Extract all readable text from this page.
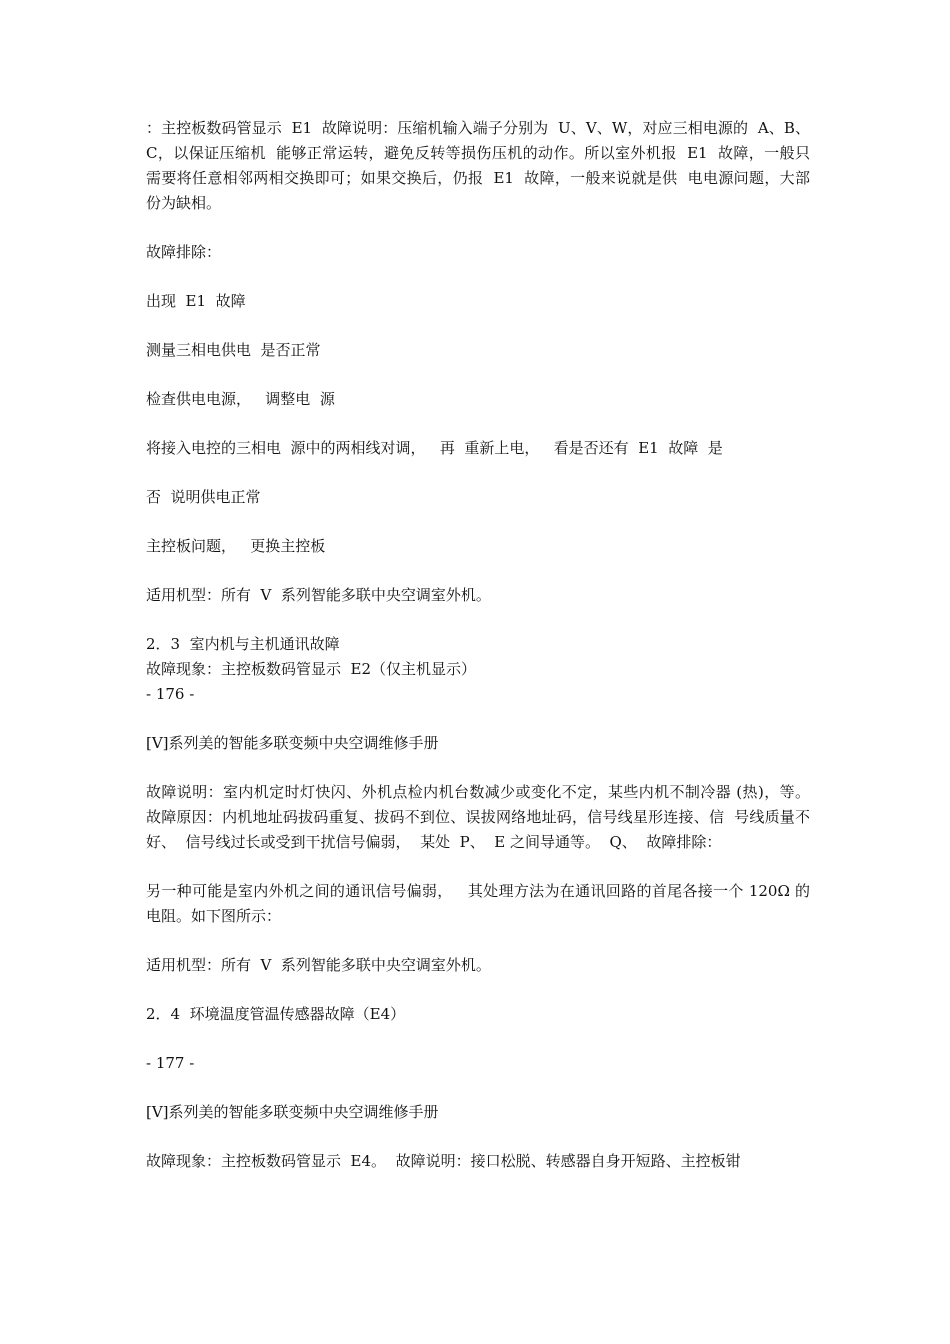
：主控板数码管显示  E1  故障说明：压缩机输入端子分别为  U、V、W，对应三相电源的  A、B、C，以保证压缩机  能够正常运转，避免反转等损伤压机的动作。所以室外机报  E1  故障，一般只  需要将任意相邻两相交换即可；如果交换后，仍报  E1  故障，一般来说就是供  电电源问题，大部份为缺相。

故障排除：

出现  E1  故障

测量三相电供电  是否正常

检查供电电源，   调整电  源

将接入电控的三相电  源中的两相线对调，   再  重新上电，   看是否还有  E1  故障  是

否  说明供电正常

主控板问题，   更换主控板

适用机型：所有  V  系列智能多联中央空调室外机。

2．3  室内机与主机通讯故障

故障现象：主控板数码管显示  E2（仅主机显示）

- 176 -

[V]系列美的智能多联变频中央空调维修手册

故障说明：室内机定时灯快闪、外机点检内机台数减少或变化不定，某些内机不制冷器 (热)，等。  故障原因：内机地址码拔码重复、拔码不到位、误拔网络地址码，信号线星形连接、信  号线质量不好、  信号线过长或受到干扰信号偏弱，  某处  P、  E 之间导通等。  Q、  故障排除：

另一种可能是室内外机之间的通讯信号偏弱，   其处理方法为在通讯回路的首尾各接一个 120Ω 的电阻。如下图所示：

适用机型：所有  V  系列智能多联中央空调室外机。

2．4  环境温度管温传感器故障（E4）

- 177 -

[V]系列美的智能多联变频中央空调维修手册

故障现象：主控板数码管显示  E4。  故障说明：接口松脱、转感器自身开短路、主控板钳
